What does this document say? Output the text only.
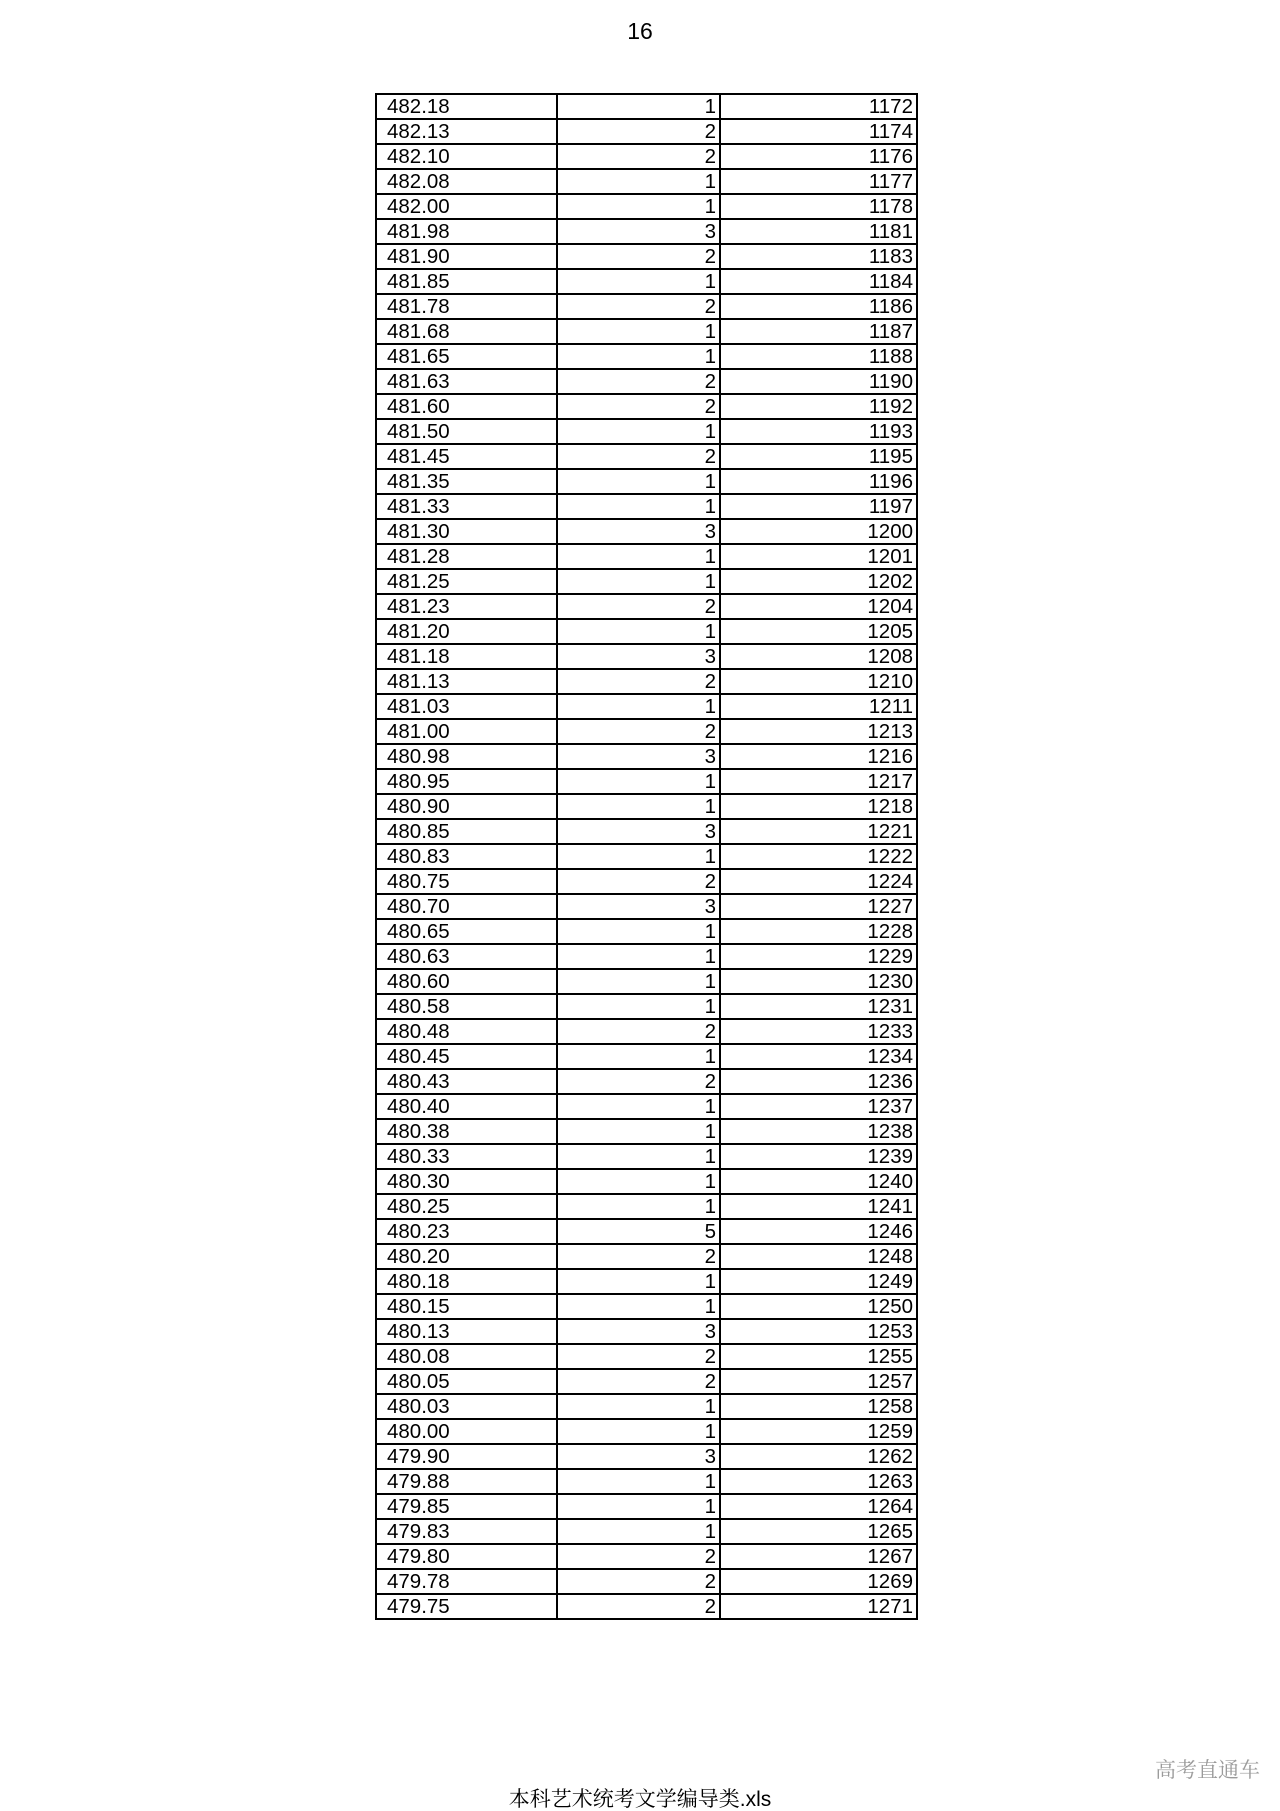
16
482.18	1	1172
482.13	2	1174
482.10	2	1176
482.08	1	1177
482.00	1	1178
481.98	3	1181
481.90	2	1183
481.85	1	1184
481.78	2	1186
481.68	1	1187
481.65	1	1188
481.63	2	1190
481.60	2	1192
481.50	1	1193
481.45	2	1195
481.35	1	1196
481.33	1	1197
481.30	3	1200
481.28	1	1201
481.25	1	1202
481.23	2	1204
481.20	1	1205
481.18	3	1208
481.13	2	1210
481.03	1	1211
481.00	2	1213
480.98	3	1216
480.95	1	1217
480.90	1	1218
480.85	3	1221
480.83	1	1222
480.75	2	1224
480.70	3	1227
480.65	1	1228
480.63	1	1229
480.60	1	1230
480.58	1	1231
480.48	2	1233
480.45	1	1234
480.43	2	1236
480.40	1	1237
480.38	1	1238
480.33	1	1239
480.30	1	1240
480.25	1	1241
480.23	5	1246
480.20	2	1248
480.18	1	1249
480.15	1	1250
480.13	3	1253
480.08	2	1255
480.05	2	1257
480.03	1	1258
480.00	1	1259
479.90	3	1262
479.88	1	1263
479.85	1	1264
479.83	1	1265
479.80	2	1267
479.78	2	1269
479.75	2	1271
本科艺术统考文学编导类.xls
高考直通车
